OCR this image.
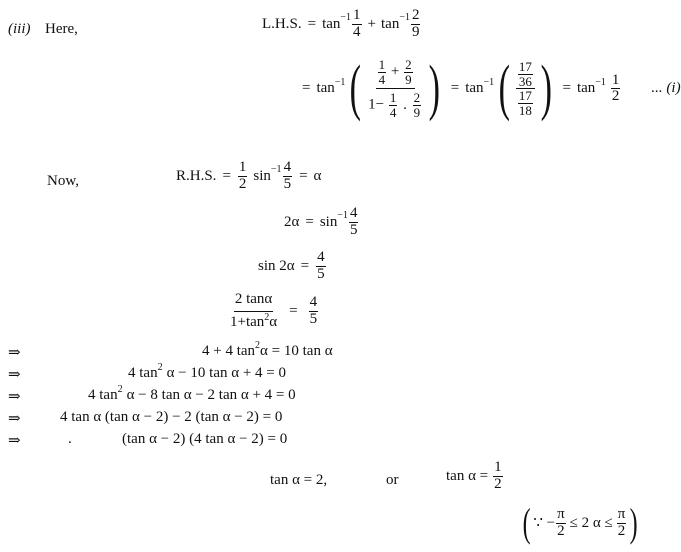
(iii) Here,	L.H.S. = $\tan^{-1} \frac{1}{4} + \tan^{-1} \frac{2}{9}$
= $\tan^{-1}$ ( $\frac{\frac{1}{4} + \frac{2}{9}}{1- \frac{1}{4} . \frac{2}{9}}$ ) = $\tan^{-1}$ ( $\frac{\frac{17}{36}}{\frac{17}{18}}$ ) = $\tan^{-1} \frac{1}{2}$ ... (i)
Now,	R.H.S. = $\frac{1}{2} \sin^{-1} \frac{4}{5} = \alpha$
$2\alpha = \sin^{-1} \frac{4}{5}$
$\sin 2\alpha = \frac{4}{5}$
$\frac{2 \tan\alpha}{1+\tan^2\alpha} = \frac{4}{5}$
⇒	4 + 4 $\tan^2 \alpha = 10$ tan α
⇒	4 $\tan^2 \alpha - 10$ tan α + 4 = 0
⇒	4 $\tan^2 \alpha - 8$ tan α − 2 tan α + 4 = 0
⇒	4 tan α (tan α − 2) − 2 (tan α − 2) = 0
⇒	.	(tan α − 2) (4 tan α − 2) = 0
tan α = 2,	or	$\tan \alpha = \frac{1}{2}$
( ∵ − $\frac{\pi}{2} \le 2$ $\alpha \le \frac{\pi}{2}$ )
